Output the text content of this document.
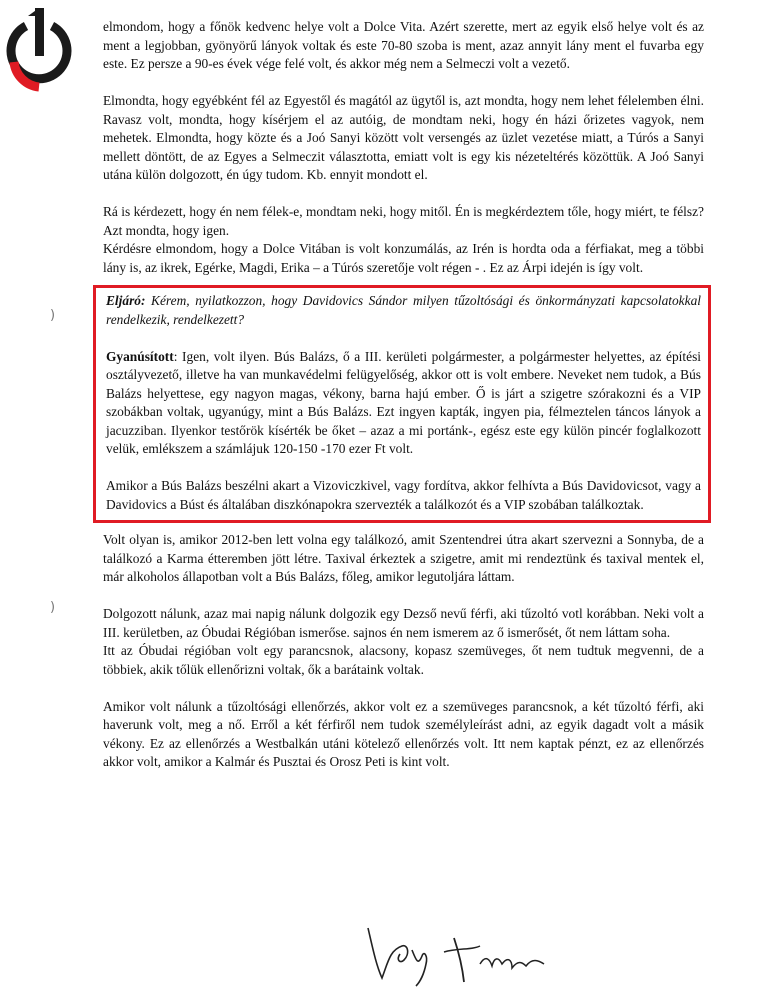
)
)

elmondom, hogy a főnök kedvenc helye volt a Dolce Vita. Azért szerette, mert az egyik első helye volt és az ment a legjobban, gyönyörű lányok voltak és este 70-80 szoba is ment, azaz annyit lány ment el fuvarba egy este. Ez persze a 90-es évek vége felé volt, és akkor még nem a Selmeczi volt a vezető.

Elmondta, hogy egyébként fél az Egyestől és magától az ügytől is, azt mondta, hogy nem lehet félelemben élni. Ravasz volt, mondta, hogy kísérjem el az autóig, de mondtam neki, hogy én házi őrizetes vagyok, nem mehetek. Elmondta, hogy közte és a Joó Sanyi között volt versengés az üzlet vezetése miatt, a Túrós a Sanyi mellett döntött, de az Egyes a Selmeczit választotta, emiatt volt is egy kis nézeteltérés közöttük. A Joó Sanyi utána külön dolgozott, én úgy tudom. Kb. ennyit mondott el.

Rá is kérdezett, hogy én nem félek-e, mondtam neki, hogy mitől. Én is megkérdeztem tőle, hogy miért, te félsz? Azt mondta, hogy igen.

Kérdésre elmondom, hogy a Dolce Vitában is volt konzumálás, az Irén is hordta oda a férfiakat, meg a többi lány is, az ikrek, Egérke, Magdi, Erika – a Túrós szeretője volt régen - . Ez az Árpi idején is így volt.

Eljáró: Kérem, nyilatkozzon, hogy Davidovics Sándor milyen tűzoltósági és önkormányzati kapcsolatokkal rendelkezik, rendelkezett?

Gyanúsított: Igen, volt ilyen. Bús Balázs, ő a III. kerületi polgármester, a polgármester helyettes, az építési osztályvezető, illetve ha van munkavédelmi felügyelőség, akkor ott is volt embere. Neveket nem tudok, a Bús Balázs helyettese, egy nagyon magas, vékony, barna hajú ember. Ő is járt a szigetre szórakozni és a VIP szobákban voltak, ugyanúgy, mint a Bús Balázs. Ezt ingyen kapták, ingyen pia, félmeztelen táncos lányok a jacuzziban. Ilyenkor testőrök kísérték be őket – azaz a mi portánk-, egész este egy külön pincér foglalkozott velük, emlékszem a számlájuk 120-150 -170 ezer Ft volt.

Amikor a Bús Balázs beszélni akart a Vizoviczkivel, vagy fordítva, akkor felhívta a Bús Davidovicsot, vagy a Davidovics a Búst és általában diszkónapokra szervezték a találkozót és a VIP szobában találkoztak.

Volt olyan is, amikor 2012-ben lett volna egy találkozó, amit Szentendrei útra akart szervezni a Sonnyba, de a találkozó a Karma étteremben jött létre. Taxival érkeztek a szigetre, amit mi rendeztünk és taxival mentek el, már alkoholos állapotban volt a Bús Balázs, főleg, amikor legutoljára láttam.

Dolgozott nálunk, azaz mai napig nálunk dolgozik egy Dezső nevű férfi, aki tűzoltó votl korábban. Neki volt a III. kerületben, az Óbudai Régióban ismerőse. sajnos én nem ismerem az ő ismerősét, őt nem láttam soha.

Itt az Óbudai régióban volt egy parancsnok, alacsony, kopasz szemüveges, őt nem tudtuk megvenni, de a többiek, akik tőlük ellenőrizni voltak, ők a barátaink voltak.

Amikor volt nálunk a tűzoltósági ellenőrzés, akkor volt ez a szemüveges parancsnok, a két tűzoltó férfi, aki haverunk volt, meg a nő. Erről a két férfiről nem tudok személyleírást adni, az egyik dagadt volt a másik vékony. Ez az ellenőrzés a Westbalkán utáni kötelező ellenőrzés volt. Itt nem kaptak pénzt, ez az ellenőrzés akkor volt, amikor a Kalmár és Pusztai és Orosz Peti is kint volt.
